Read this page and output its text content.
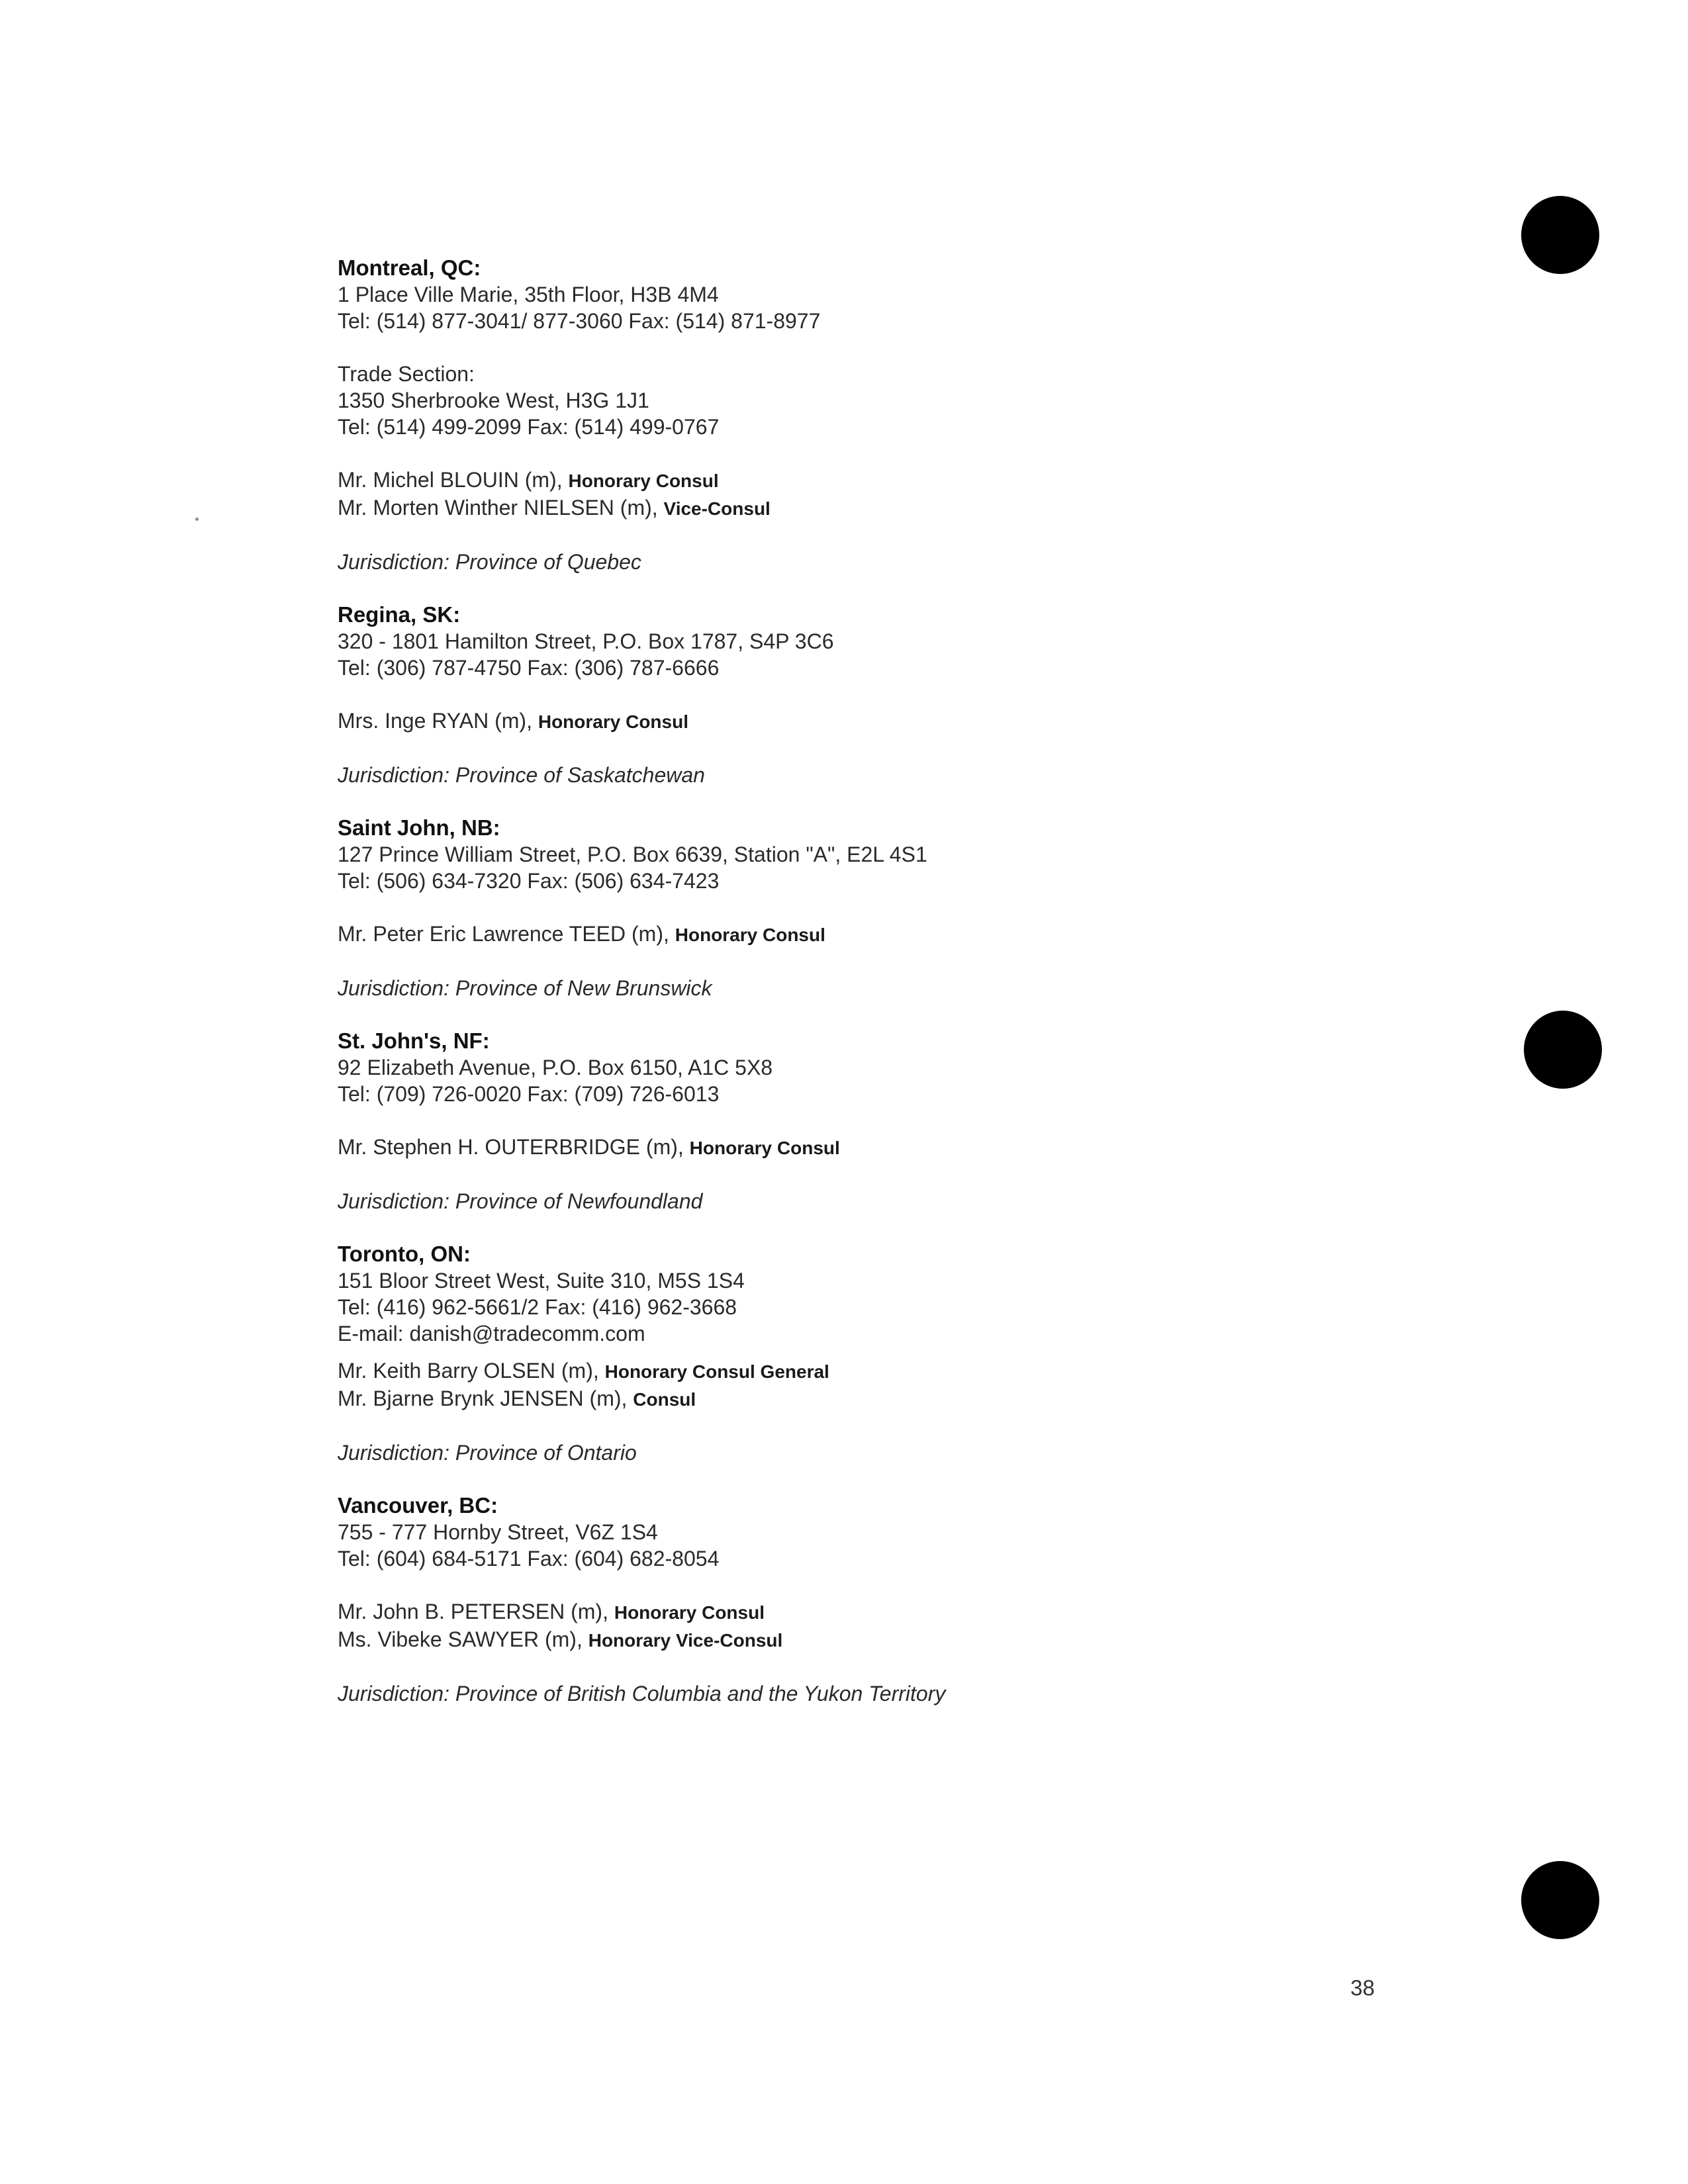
Montreal, QC:
1 Place Ville Marie, 35th Floor, H3B 4M4
Tel: (514) 877-3041/ 877-3060 Fax: (514) 871-8977
Trade Section:
1350 Sherbrooke West, H3G 1J1
Tel: (514) 499-2099 Fax: (514) 499-0767
Mr. Michel BLOUIN (m), Honorary Consul
Mr. Morten Winther NIELSEN (m), Vice-Consul
Jurisdiction: Province of Quebec
Regina, SK:
320 - 1801 Hamilton Street, P.O. Box 1787, S4P 3C6
Tel: (306) 787-4750 Fax: (306) 787-6666
Mrs. Inge RYAN (m), Honorary Consul
Jurisdiction: Province of Saskatchewan
Saint John, NB:
127 Prince William Street, P.O. Box 6639, Station "A", E2L 4S1
Tel: (506) 634-7320 Fax: (506) 634-7423
Mr. Peter Eric Lawrence TEED (m), Honorary Consul
Jurisdiction: Province of New Brunswick
St. John's, NF:
92 Elizabeth Avenue, P.O. Box 6150, A1C 5X8
Tel: (709) 726-0020 Fax: (709) 726-6013
Mr. Stephen H. OUTERBRIDGE (m), Honorary Consul
Jurisdiction: Province of Newfoundland
Toronto, ON:
151 Bloor Street West, Suite 310, M5S 1S4
Tel: (416) 962-5661/2 Fax: (416) 962-3668
E-mail: danish@tradecomm.com
Mr. Keith Barry OLSEN (m), Honorary Consul General
Mr. Bjarne Brynk JENSEN (m), Consul
Jurisdiction: Province of Ontario
Vancouver, BC:
755 - 777 Hornby Street, V6Z 1S4
Tel: (604) 684-5171 Fax: (604) 682-8054
Mr. John B. PETERSEN (m), Honorary Consul
Ms. Vibeke SAWYER (m), Honorary Vice-Consul
Jurisdiction: Province of British Columbia and the Yukon Territory
38
